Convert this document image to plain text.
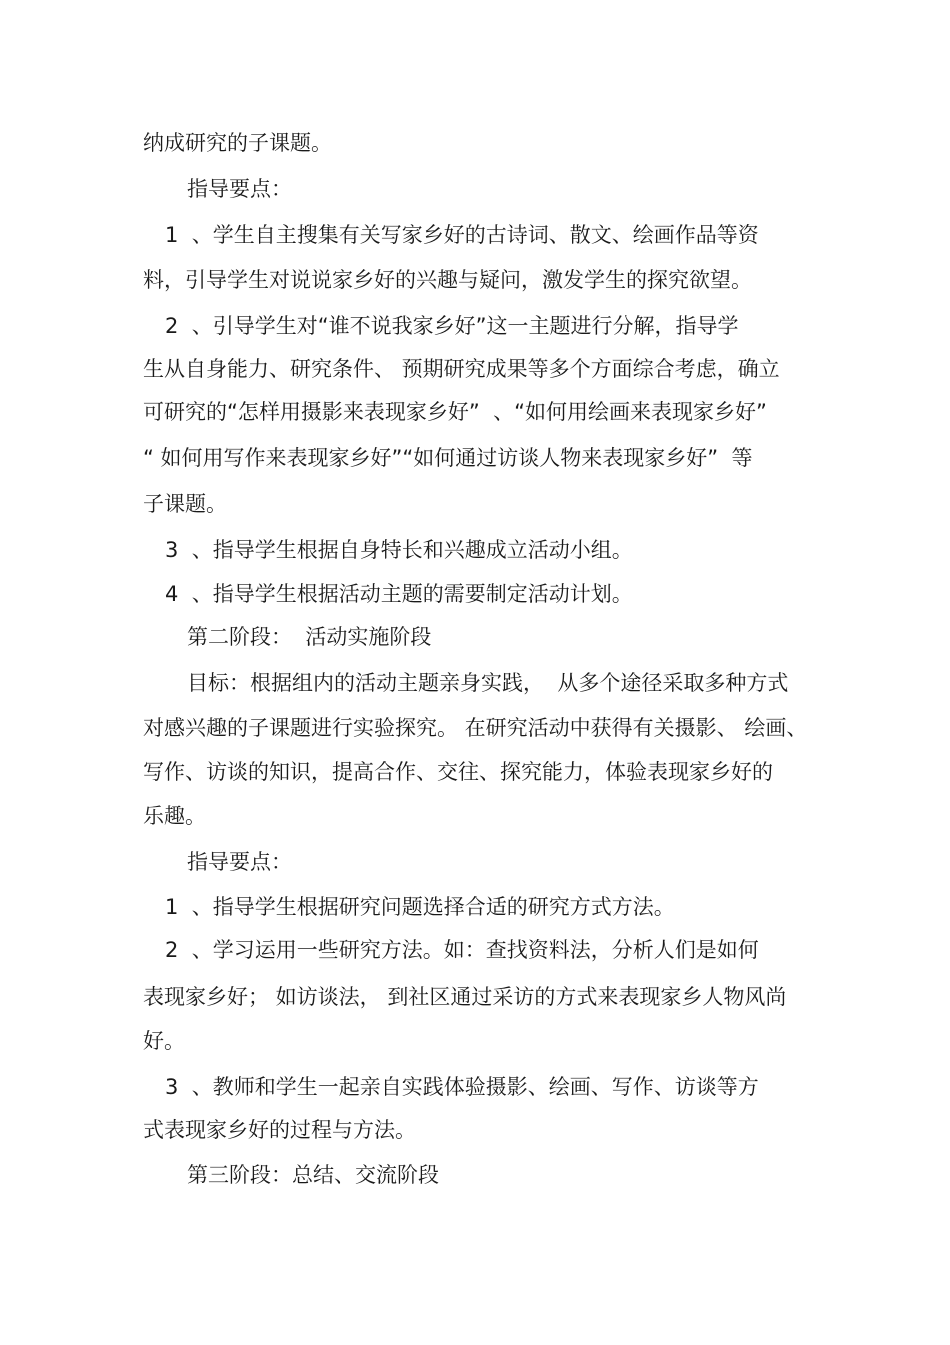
纳成研究的子课题。
指导要点：
1  、学生自主搜集有关写家乡好的古诗词、散文、绘画作品等资
料，引导学生对说说家乡好的兴趣与疑问，激发学生的探究欲望。
2  、引导学生对“谁不说我家乡好”这一主题进行分解，指导学
生从自身能力、研究条件、 预期研究成果等多个方面综合考虑，确立
可研究的“怎样用摄影来表现家乡好”  、“如何用绘画来表现家乡好”
“ 如何用写作来表现家乡好”“如何通过访谈人物来表现家乡好”  等
子课题。
3  、指导学生根据自身特长和兴趣成立活动小组。
4  、指导学生根据活动主题的需要制定活动计划。
第二阶段：  活动实施阶段
目标：根据组内的活动主题亲身实践，  从多个途径采取多种方式
对感兴趣的子课题进行实验探究。 在研究活动中获得有关摄影、 绘画、
写作、访谈的知识，提高合作、交往、探究能力，体验表现家乡好的
乐趣。
指导要点：
1  、指导学生根据研究问题选择合适的研究方式方法。
2  、学习运用一些研究方法。如：查找资料法，分析人们是如何
表现家乡好； 如访谈法， 到社区通过采访的方式来表现家乡人物风尚
好。
3  、教师和学生一起亲自实践体验摄影、绘画、写作、访谈等方
式表现家乡好的过程与方法。
第三阶段：总结、交流阶段
